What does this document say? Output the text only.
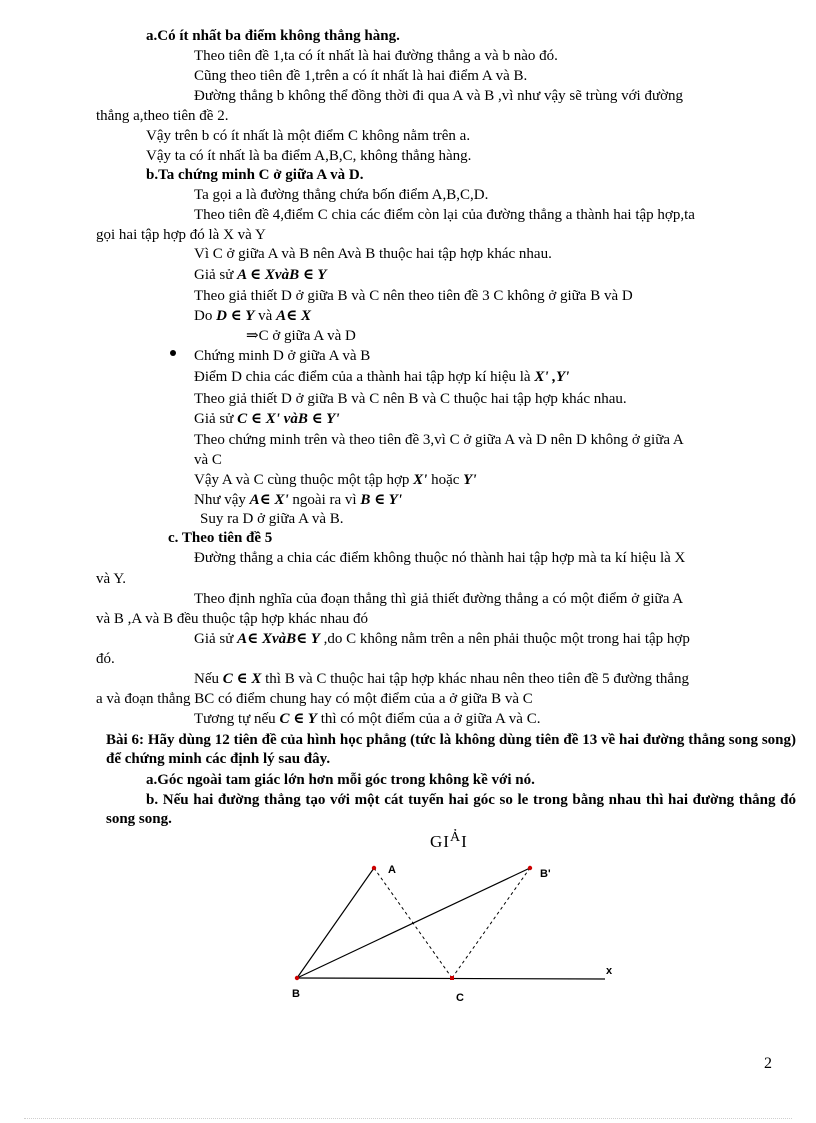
a.Có ít nhất ba điểm không thẳng hàng.
Theo tiên đề 1,ta có ít nhất là hai đường thẳng a và b nào đó.
Cũng theo tiên đề 1,trên a có ít nhất là hai điểm A và B.
Đường thẳng b không thể đồng thời đi qua A và B ,vì như vậy sẽ trùng với đường
thẳng a,theo tiên đề 2.
Vậy trên b có ít nhất là một điểm C không nằm trên a.
Vậy ta có ít nhất là ba điểm A,B,C, không thẳng hàng.
b.Ta chứng minh C ở giữa A và D.
Ta gọi a là đường thẳng chứa bốn điểm A,B,C,D.
Theo tiên đề 4,điểm C chia các điểm còn lại của đường thẳng a thành hai tập hợp,ta
gọi hai tập hợp đó là X và Y
Vì C ở giữa A và B nên Avà B thuộc hai tập hợp khác nhau.
Giả sử A ∈ XvàB ∈ Y
Theo giả thiết D ở giữa B và C nên theo tiên đề 3 C không ở giữa B và D
Do D ∈ Y và A∈ X
⇒C ở giữa A và D
Chứng minh D ở giữa A và B
Điểm D chia các điểm của a thành hai tập hợp kí hiệu là X' ,Y'
Theo giả thiết D ở giữa B và C nên B và C thuộc hai tập hợp khác nhau.
Giả sử C ∈ X' vàB ∈ Y'
Theo chứng minh trên và theo tiên đề 3,vì C ở giữa A và D nên D không ở giữa A
và C
Vậy A và C cùng thuộc một tập hợp X' hoặc Y'
Như vậy A∈ X' ngoài ra vì B ∈ Y'
Suy ra D ở giữa A và B.
c. Theo tiên đề 5
Đường thẳng a chia các điểm không thuộc nó thành hai tập hợp mà ta kí hiệu là X
và Y.
Theo định nghĩa của đoạn thẳng thì giả thiết đường thẳng a có một điểm ở giữa A
và B ,A và B đều thuộc tập hợp khác nhau đó
Giả sử A∈ XvàB∈ Y ,do C không nằm trên a nên phải thuộc một trong hai tập hợp
đó.
Nếu C ∈ X thì B và C thuộc hai tập hợp khác nhau nên theo tiên đề 5 đường thẳng
a và đoạn thẳng BC có điểm chung hay có một điểm của a ở giữa B và C
Tương tự nếu C ∈ Y thì có một điểm của a ở giữa A và C.
Bài 6: Hãy dùng 12 tiên đề của hình học phẳng (tức là không dùng tiên đề 13 về hai đường thẳng song song) để chứng minh các định lý sau đây.
a.Góc ngoài tam giác lớn hơn mỗi góc trong không kề với nó.
b. Nếu hai đường thẳng tạo với một cát tuyến hai góc so le trong bằng nhau thì hai đường thẳng đó song song.
$GI^ẢI$
A	B'
B	C
x
2
